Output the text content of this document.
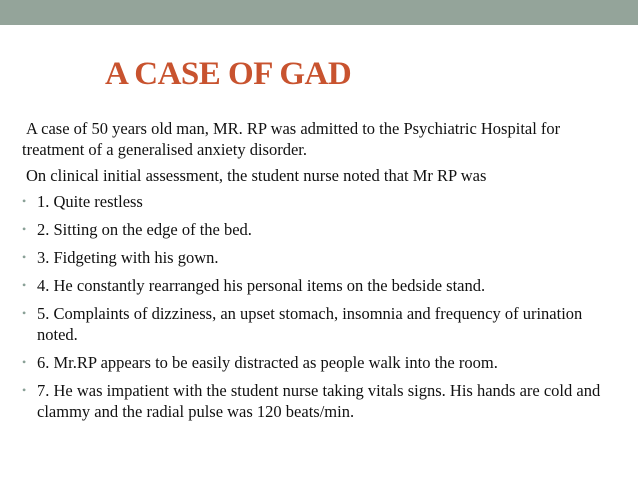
A CASE OF GAD

A case of 50 years old man, MR. RP was admitted to the Psychiatric Hospital for treatment of a generalised anxiety disorder.

On clinical initial assessment, the student nurse noted that Mr RP was

• 1. Quite restless
• 2. Sitting on the edge of the bed.
• 3. Fidgeting with his gown.
• 4. He constantly rearranged his personal items on the bedside stand.
• 5. Complaints of dizziness, an upset stomach, insomnia and frequency of urination noted.
• 6. Mr.RP appears to be easily distracted as people walk into the room.
• 7. He was impatient with the student nurse taking vitals signs. His hands are cold and clammy and the radial pulse was 120 beats/min.
